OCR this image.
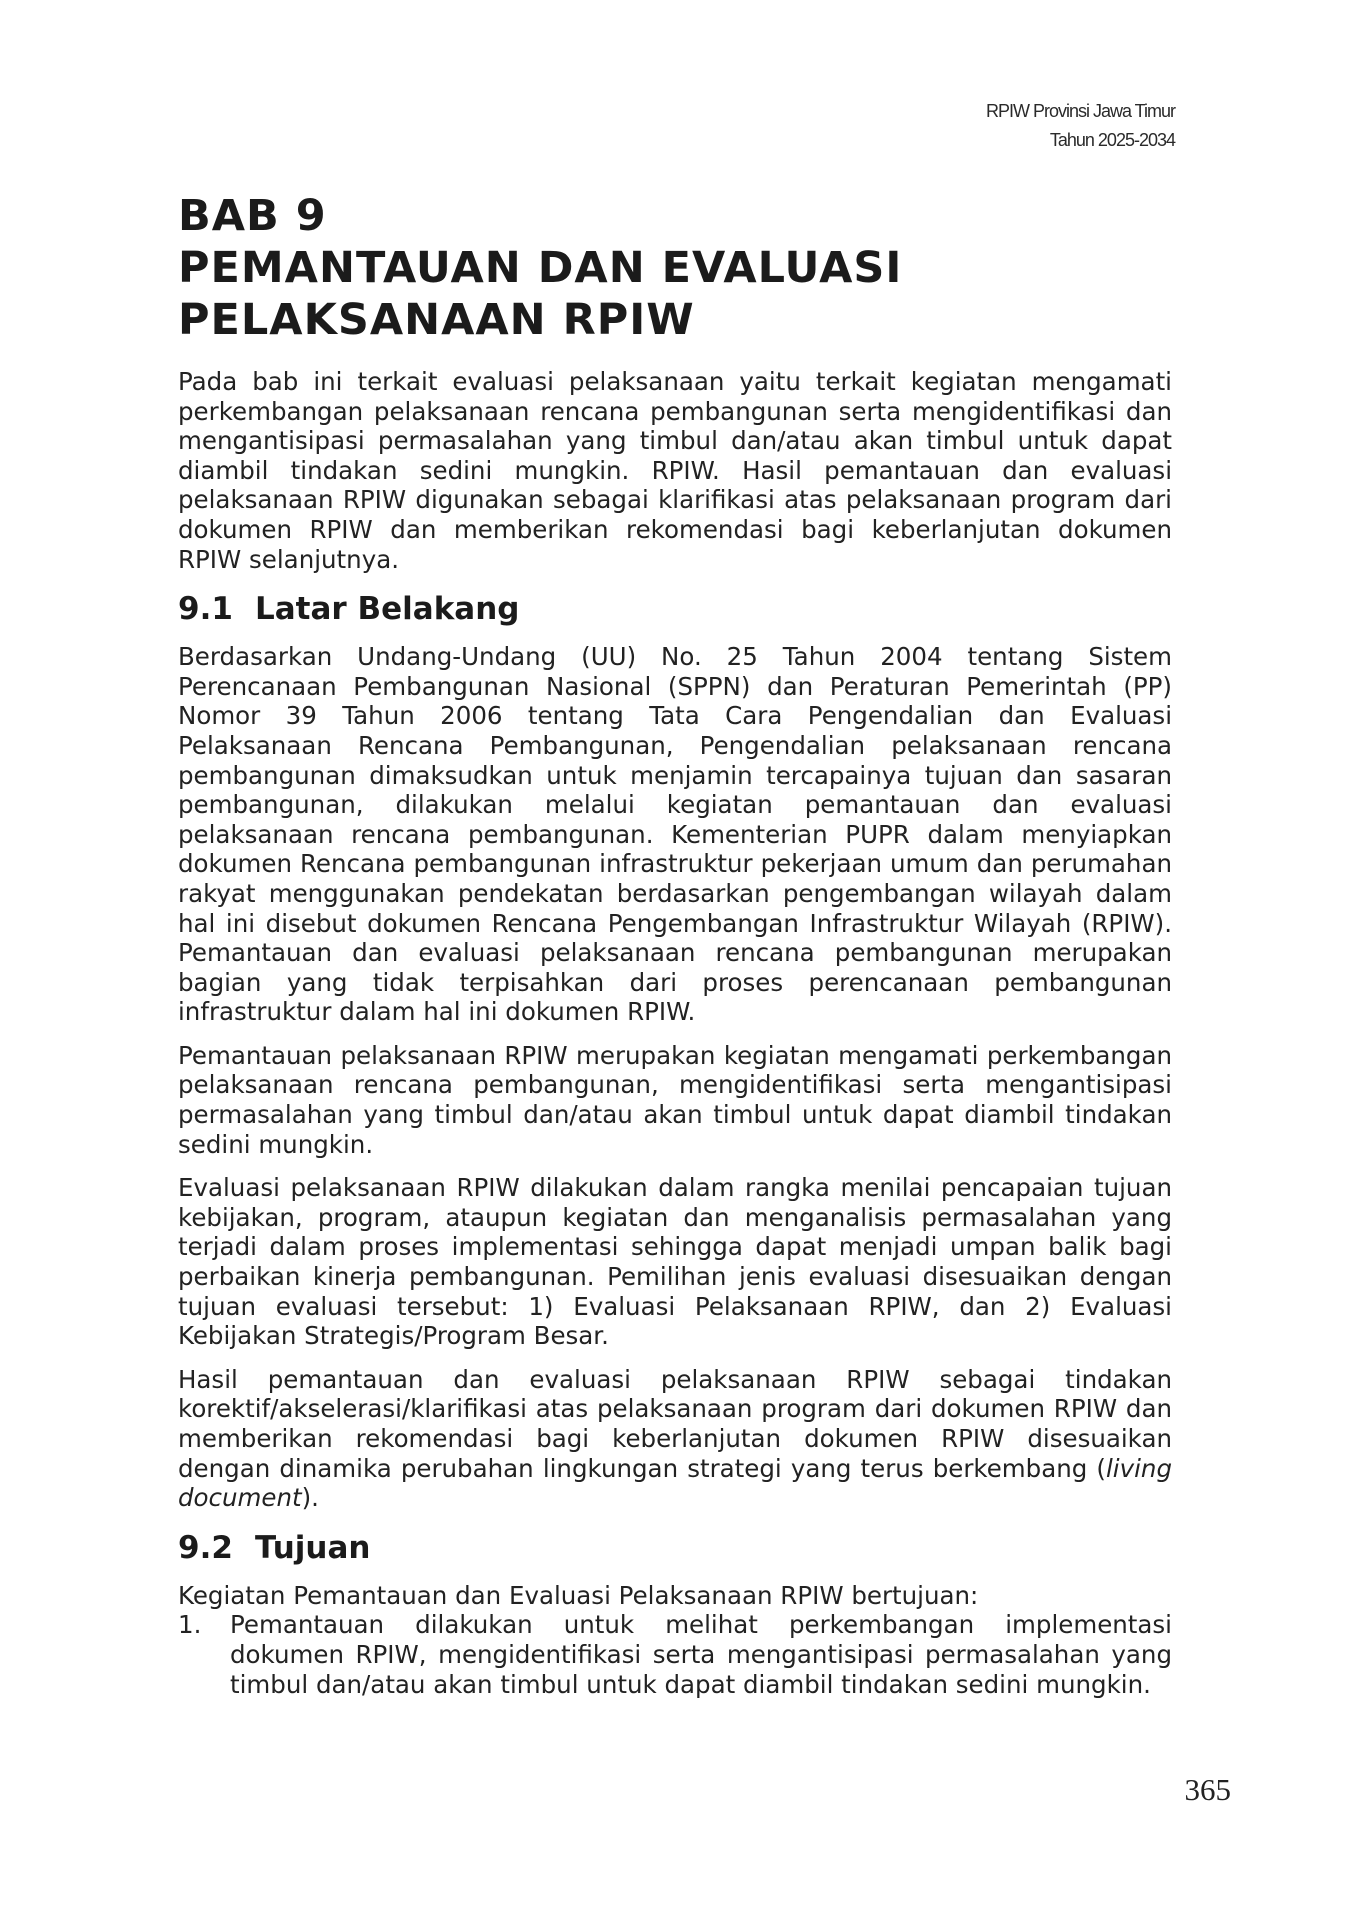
RPIW Provinsi Jawa Timur
Tahun 2025-2034
BAB 9
PEMANTAUAN DAN EVALUASI
PELAKSANAAN RPIW

Pada bab ini terkait evaluasi pelaksanaan yaitu terkait kegiatan mengamati perkembangan pelaksanaan rencana pembangunan serta mengidentifikasi dan mengantisipasi permasalahan yang timbul dan/atau akan timbul untuk dapat diambil tindakan sedini mungkin. RPIW. Hasil pemantauan dan evaluasi pelaksanaan RPIW digunakan sebagai klarifikasi atas pelaksanaan program dari dokumen RPIW dan memberikan rekomendasi bagi keberlanjutan dokumen RPIW selanjutnya.

9.1 Latar Belakang

Berdasarkan Undang-Undang (UU) No. 25 Tahun 2004 tentang Sistem Perencanaan Pembangunan Nasional (SPPN) dan Peraturan Pemerintah (PP) Nomor 39 Tahun 2006 tentang Tata Cara Pengendalian dan Evaluasi Pelaksanaan Rencana Pembangunan, Pengendalian pelaksanaan rencana pembangunan dimaksudkan untuk menjamin tercapainya tujuan dan sasaran pembangunan, dilakukan melalui kegiatan pemantauan dan evaluasi pelaksanaan rencana pembangunan. Kementerian PUPR dalam menyiapkan dokumen Rencana pembangunan infrastruktur pekerjaan umum dan perumahan rakyat menggunakan pendekatan berdasarkan pengembangan wilayah dalam hal ini disebut dokumen Rencana Pengembangan Infrastruktur Wilayah (RPIW). Pemantauan dan evaluasi pelaksanaan rencana pembangunan merupakan bagian yang tidak terpisahkan dari proses perencanaan pembangunan infrastruktur dalam hal ini dokumen RPIW.

Pemantauan pelaksanaan RPIW merupakan kegiatan mengamati perkembangan pelaksanaan rencana pembangunan, mengidentifikasi serta mengantisipasi permasalahan yang timbul dan/atau akan timbul untuk dapat diambil tindakan sedini mungkin.

Evaluasi pelaksanaan RPIW dilakukan dalam rangka menilai pencapaian tujuan kebijakan, program, ataupun kegiatan dan menganalisis permasalahan yang terjadi dalam proses implementasi sehingga dapat menjadi umpan balik bagi perbaikan kinerja pembangunan. Pemilihan jenis evaluasi disesuaikan dengan tujuan evaluasi tersebut: 1) Evaluasi Pelaksanaan RPIW, dan 2) Evaluasi Kebijakan Strategis/Program Besar.

Hasil pemantauan dan evaluasi pelaksanaan RPIW sebagai tindakan korektif/akselerasi/klarifikasi atas pelaksanaan program dari dokumen RPIW dan memberikan rekomendasi bagi keberlanjutan dokumen RPIW disesuaikan dengan dinamika perubahan lingkungan strategi yang terus berkembang (living document).

9.2 Tujuan

Kegiatan Pemantauan dan Evaluasi Pelaksanaan RPIW bertujuan:

1.	Pemantauan dilakukan untuk melihat perkembangan implementasi dokumen RPIW, mengidentifikasi serta mengantisipasi permasalahan yang timbul dan/atau akan timbul untuk dapat diambil tindakan sedini mungkin.
365
